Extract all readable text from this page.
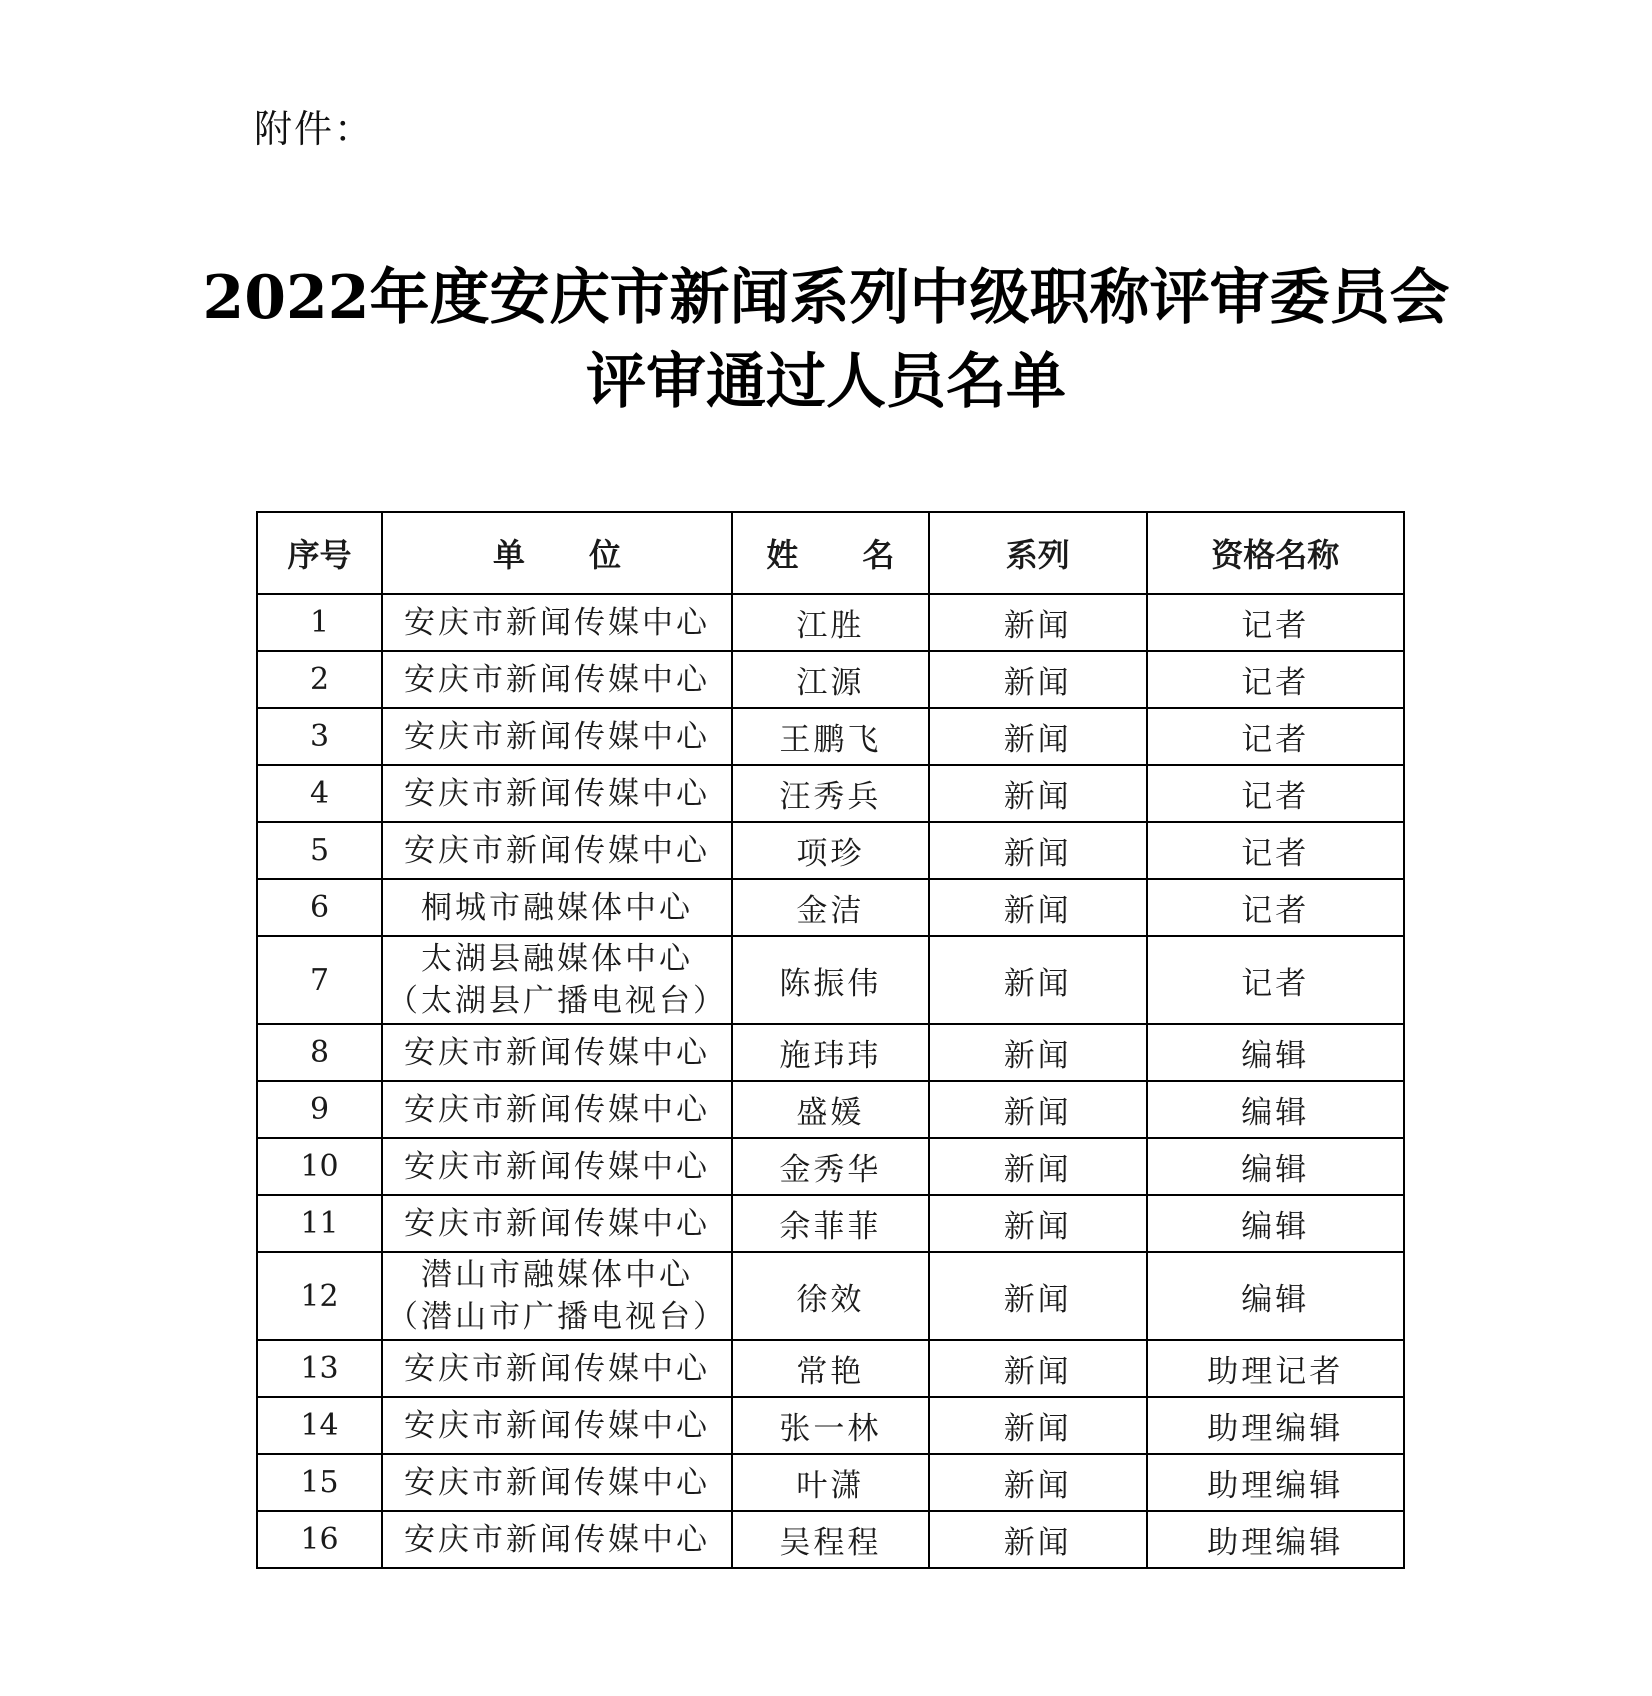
附件：
2022年度安庆市新闻系列中级职称评审委员会
评审通过人员名单
序号	单　　位	姓　　名	系列	资格名称
1	安庆市新闻传媒中心	江胜	新闻	记者
2	安庆市新闻传媒中心	江源	新闻	记者
3	安庆市新闻传媒中心	王鹏飞	新闻	记者
4	安庆市新闻传媒中心	汪秀兵	新闻	记者
5	安庆市新闻传媒中心	项珍	新闻	记者
6	桐城市融媒体中心	金洁	新闻	记者
7	太湖县融媒体中心
（太湖县广播电视台）	陈振伟	新闻	记者
8	安庆市新闻传媒中心	施玮玮	新闻	编辑
9	安庆市新闻传媒中心	盛媛	新闻	编辑
10	安庆市新闻传媒中心	金秀华	新闻	编辑
11	安庆市新闻传媒中心	余菲菲	新闻	编辑
12	潜山市融媒体中心
（潜山市广播电视台）	徐效	新闻	编辑
13	安庆市新闻传媒中心	常艳	新闻	助理记者
14	安庆市新闻传媒中心	张一林	新闻	助理编辑
15	安庆市新闻传媒中心	叶潇	新闻	助理编辑
16	安庆市新闻传媒中心	吴程程	新闻	助理编辑
